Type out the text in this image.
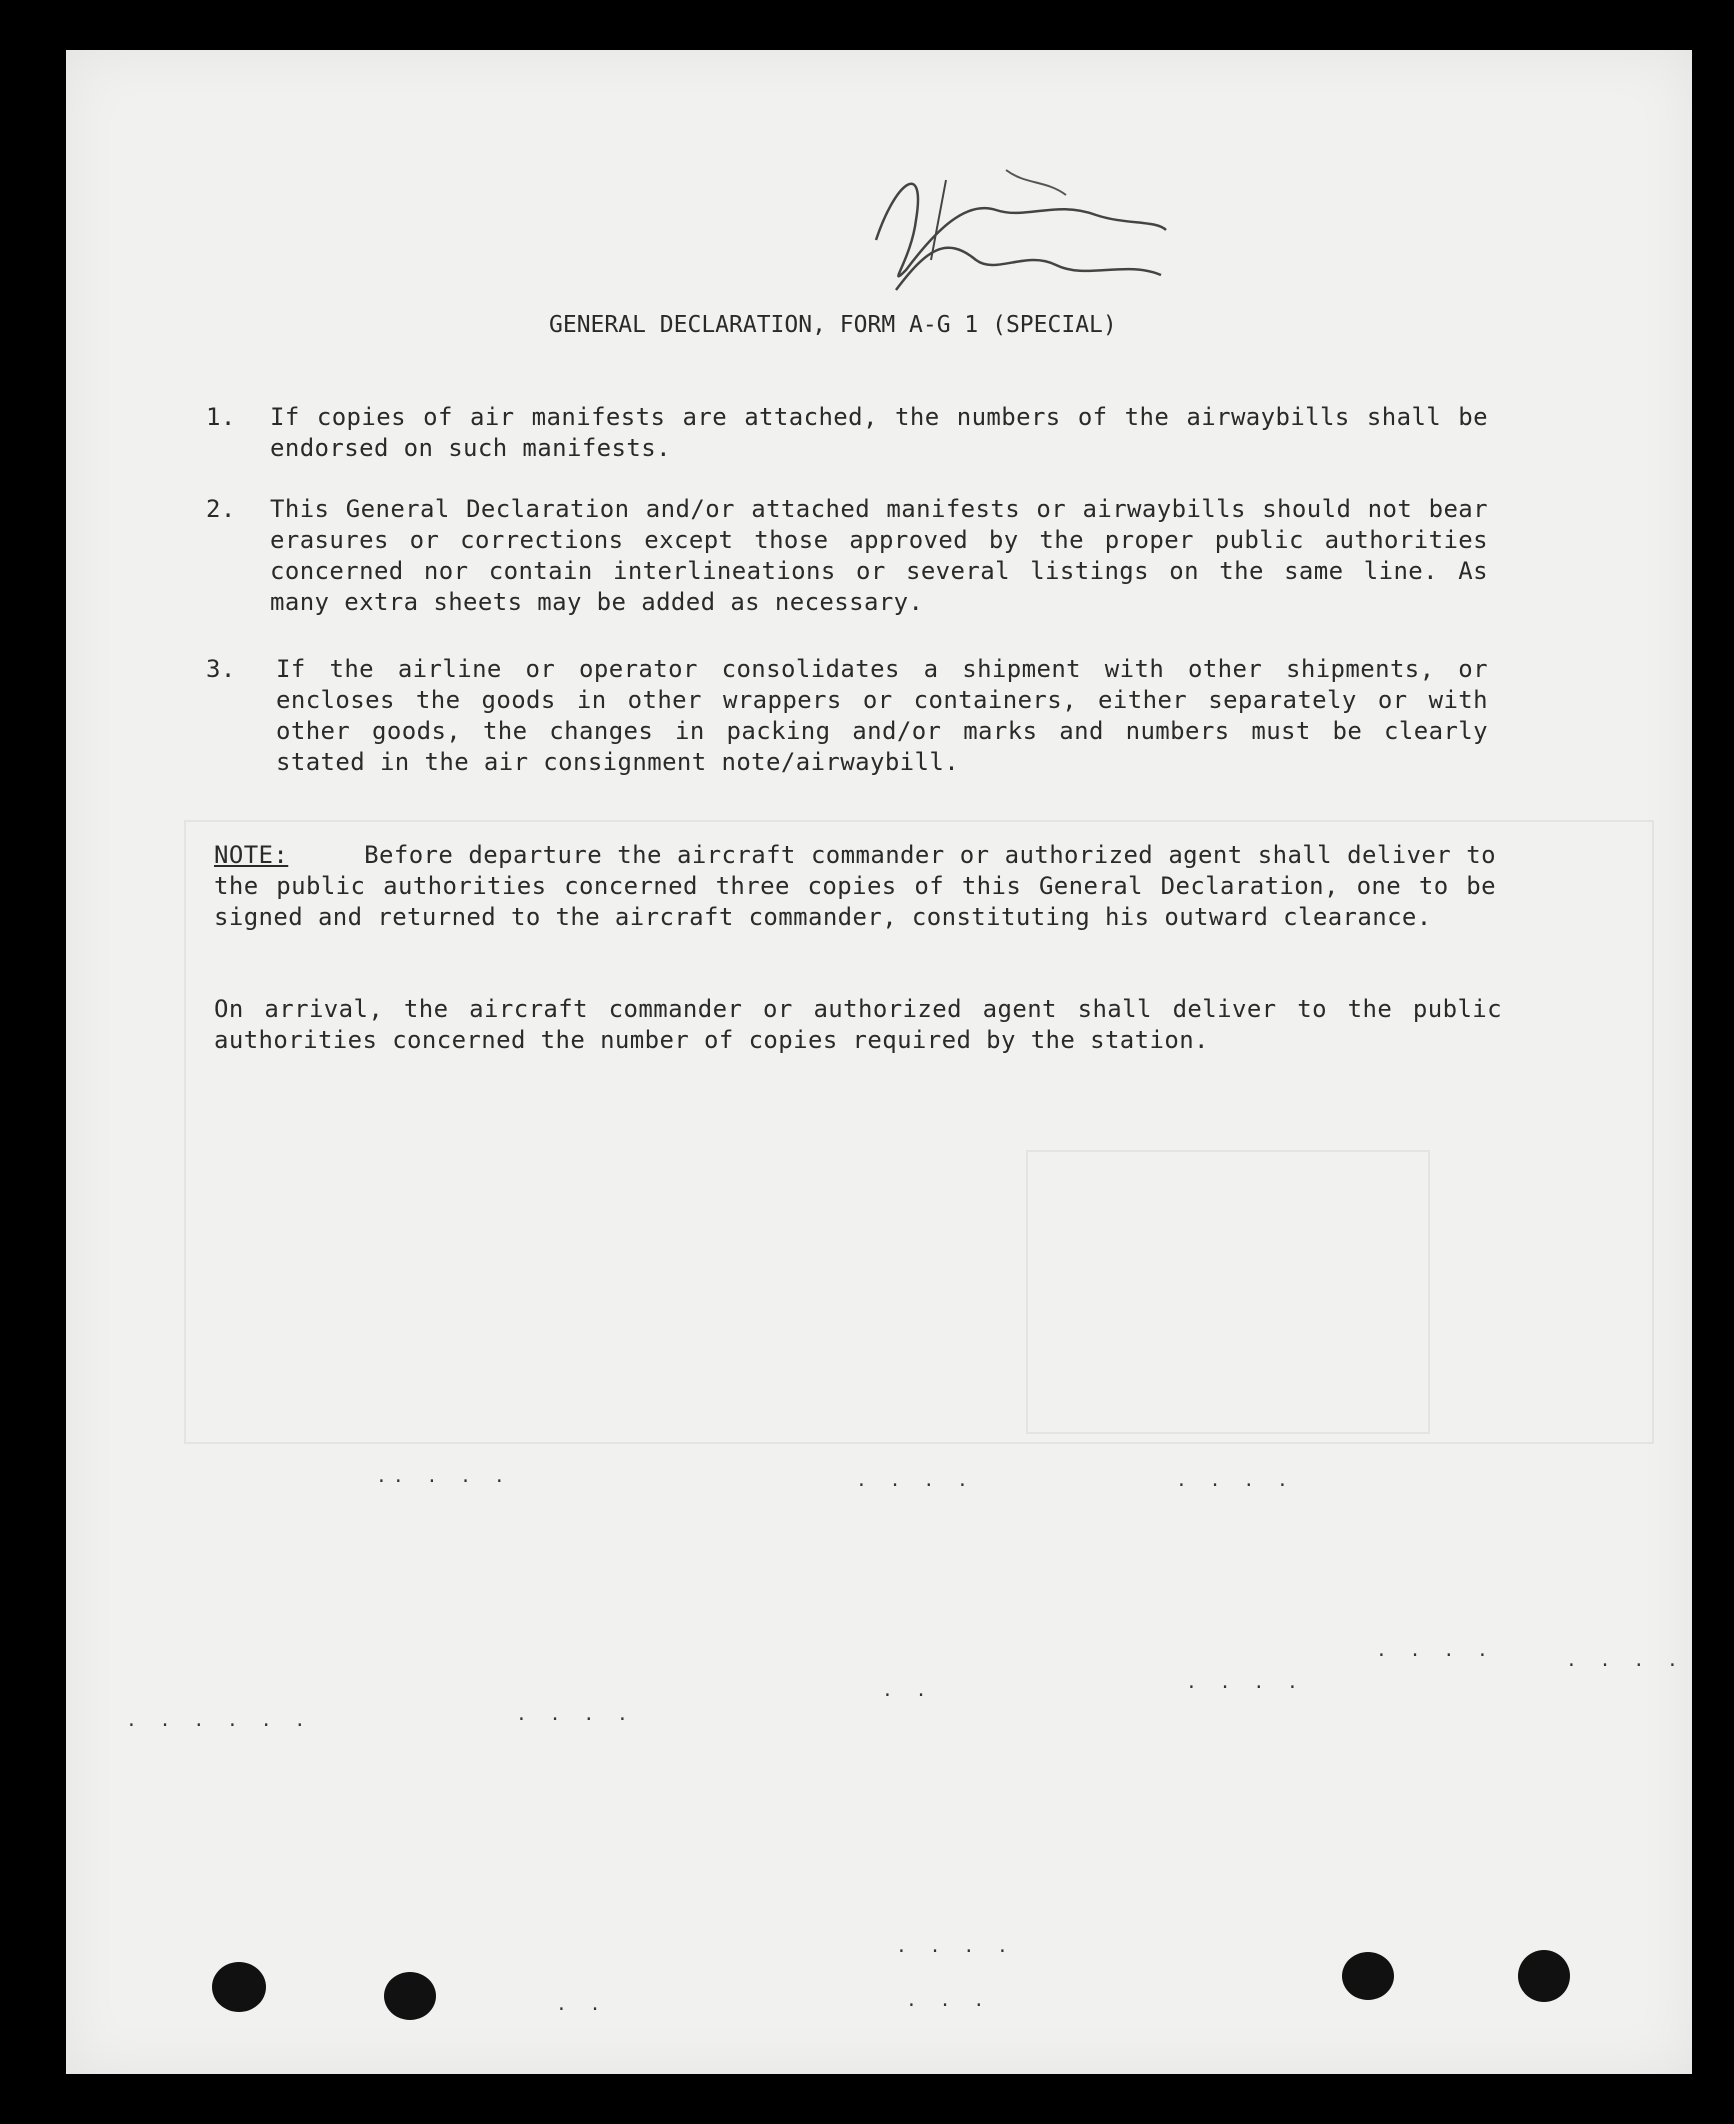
GENERAL DECLARATION, FORM A-G 1 (SPECIAL)
1. If copies of air manifests are attached, the numbers of the airwaybills shall be endorsed on such manifests.
2. This General Declaration and/or attached manifests or airwaybills should not bear erasures or corrections except those approved by the proper public authorities concerned nor contain interlineations or several listings on the same line. As many extra sheets may be added as necessary.
3. If the airline or operator consolidates a shipment with other shipments, or encloses the goods in other wrappers or containers, either separately or with other goods, the changes in packing and/or marks and numbers must be clearly stated in the air consignment note/airwaybill.
NOTE:	Before departure the aircraft commander or authorized agent shall deliver to the public authorities concerned three copies of this General Declaration, one to be signed and returned to the aircraft commander, constituting his outward clearance.
On arrival, the aircraft commander or authorized agent shall deliver to the public authorities concerned the number of copies required by the station.
.. . . .	. . . .	. . . .
. . . .	. . . .
. . . .
. .
. . . . . .	. . . .
. . . .
. . .
. .
